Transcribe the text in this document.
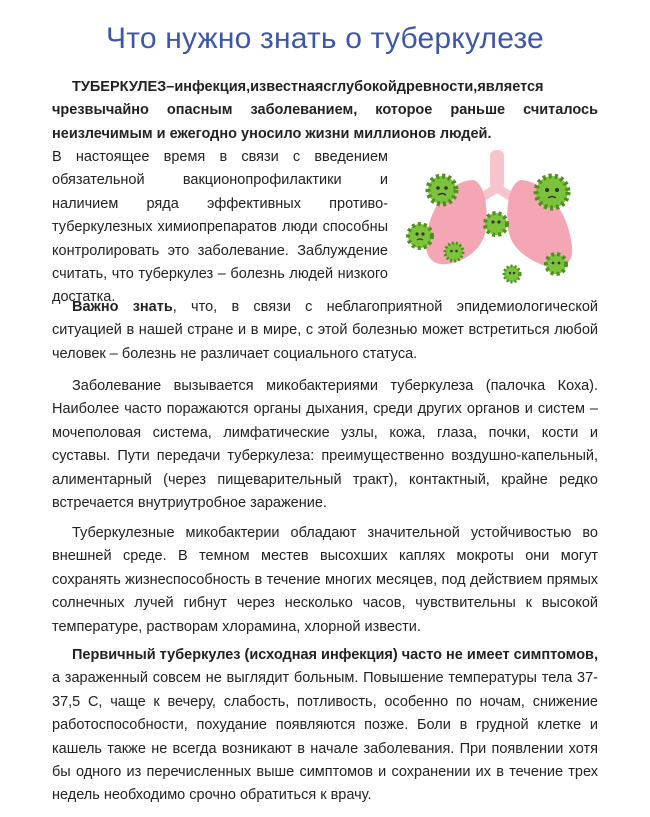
Что нужно знать о туберкулезе

ТУБЕРКУЛЕЗ–инфекция,известнаясглубокойдревности,является чрезвычайно опасным заболеванием, которое раньше считалось неизлечимым и ежегодно уносило жизни миллионов людей.

В настоящее время в связи с введением обязательной вакционопрофилактики и наличием ряда эффективных противо-туберкулезных химиопрепаратов люди способны контролировать это заболевание. Заблуждение считать, что туберкулез – болезнь людей низкого достатка.

Важно знать, что, в связи с неблагоприятной эпидемиологической ситуацией в нашей стране и в мире, с этой болезнью может встретиться любой человек – болезнь не различает социального статуса.

Заболевание вызывается микобактериями туберкулеза (палочка Коха). Наиболее часто поражаются органы дыхания, среди других органов и систем – мочеполовая система, лимфатические узлы, кожа, глаза, почки, кости и суставы. Пути передачи туберкулеза: преимущественно воздушно-капельный, алиментарный (через пищеварительный тракт), контактный, крайне редко встречается внутриутробное заражение.

Туберкулезные микобактерии обладают значительной устойчивостью во внешней среде. В темном местев высохших каплях мокроты они могут сохранять жизнеспособность в течение многих месяцев, под действием прямых солнечных лучей гибнут через несколько часов, чувствительны к высокой температуре, растворам хлорамина, хлорной извести.

Первичный туберкулез (исходная инфекция) часто не имеет симптомов, а зараженный совсем не выглядит больным. Повышение температуры тела 37-37,5 С, чаще к вечеру, слабость, потливость, особенно по ночам, снижение работоспособности, похудание появляются позже. Боли в грудной клетке и кашель также не всегда возникают в начале заболевания. При появлении хотя бы одного из перечисленных выше симптомов и сохранении их в течение трех недель необходимо срочно обратиться к врачу.
